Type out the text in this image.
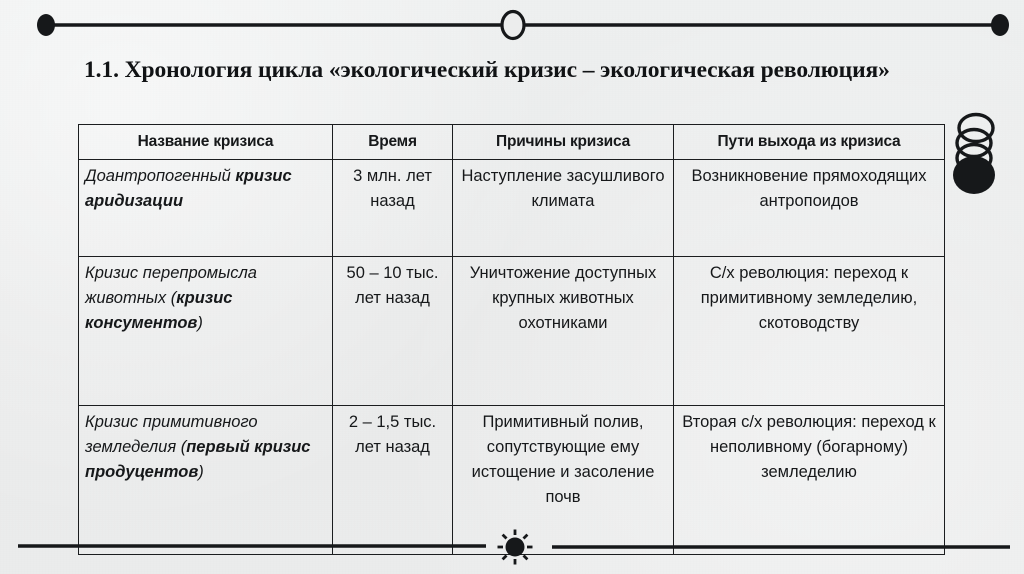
1.1. Хронология цикла «экологический кризис – экологическая революция»
Название кризиса	Время	Причины кризиса	Пути выхода из кризиса
Доантропогенный кризис аридизации	3 млн. лет назад	Наступление засушливого климата	Возникновение прямоходящих антропоидов
Кризис перепромысла животных (кризис консументов)	50 – 10 тыс. лет назад	Уничтожение доступных крупных животных охотниками	С/х революция: переход к примитивному земледелию, скотоводству
Кризис примитивного земледелия (первый кризис продуцентов)	2 – 1,5 тыс. лет назад	Примитивный полив, сопутствующие ему истощение и засоление почв	Вторая с/х революция: переход к неполивному (богарному) земледелию
